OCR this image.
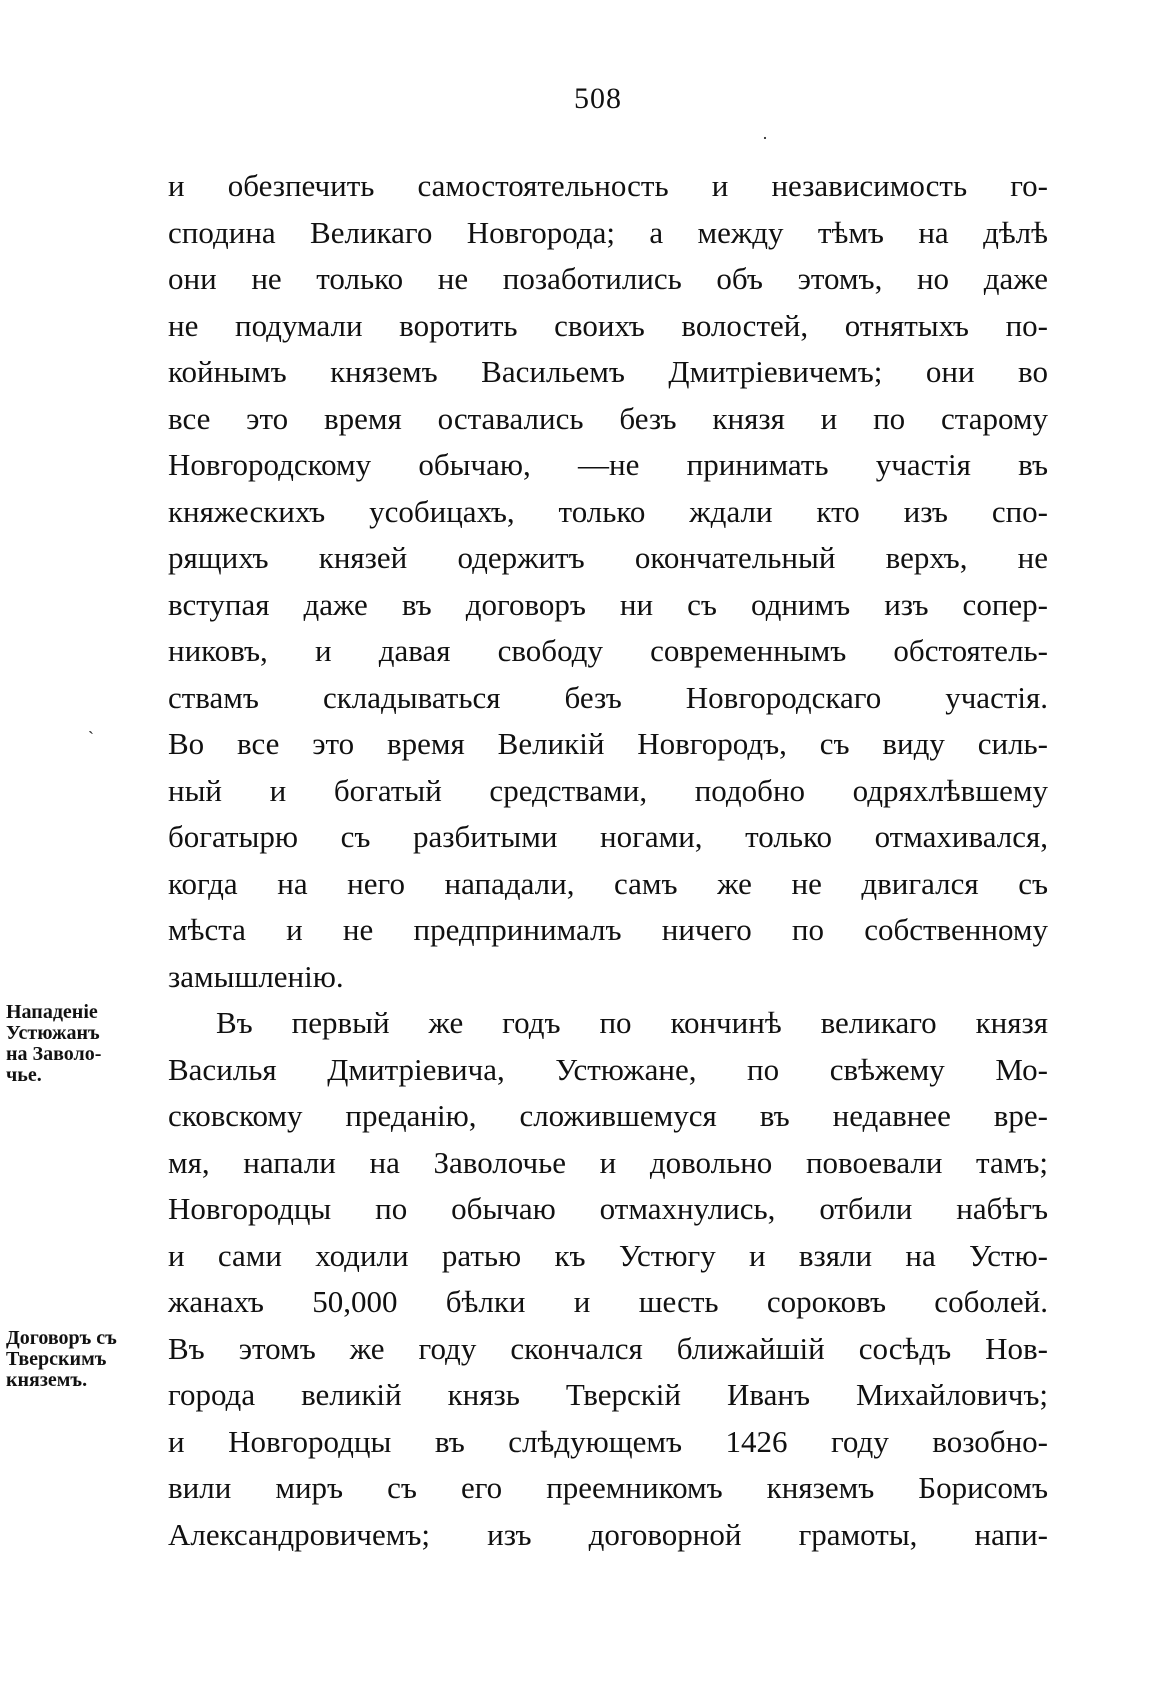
508
·
ˎ
и обезпечить самостоятельность и независимость го-
сподина Великаго Новгорода; а между тѣмъ на дѣлѣ
они не только не позаботились объ этомъ, но даже
не подумали воротить своихъ волостей, отнятыхъ по-
койнымъ княземъ Васильемъ Дмитріевичемъ; они во
все это время оставались безъ князя и по старому
Новгородскому обычаю, —не принимать участія въ
княжескихъ усобицахъ, только ждали кто изъ спо-
рящихъ князей одержитъ окончательный верхъ, не
вступая даже въ договоръ ни съ однимъ изъ сопер-
никовъ, и давая свободу современнымъ обстоятель-
ствамъ складываться безъ Новгородскаго участія.
Во все это время Великій Новгородъ, съ виду силь-
ный и богатый средствами, подобно одряхлѣвшему
богатырю съ разбитыми ногами, только отмахивался,
когда на него нападали, самъ же не двигался съ
мѣста и не предпринималъ ничего по собственному
замышленію.
Въ первый же годъ по кончинѣ великаго князя
Василья Дмитріевича, Устюжане, по свѣжему Мо-
сковскому преданію, сложившемуся въ недавнее вре-
мя, напали на Заволочье и довольно повоевали тамъ;
Новгородцы по обычаю отмахнулись, отбили набѣгъ
и сами ходили ратью къ Устюгу и взяли на Устю-
жанахъ 50,000 бѣлки и шесть сороковъ соболей.
Въ этомъ же году скончался ближайшій сосѣдъ Нов-
города великій князь Тверскій Иванъ Михайловичъ;
и Новгородцы въ слѣдующемъ 1426 году возобно-
вили миръ съ его преемникомъ княземъ Борисомъ
Александровичемъ; изъ договорной грамоты, напи-
Нападеніе
Устюжанъ
на Заволо-
чье.
Договоръ съ
Тверскимъ
княземъ.
